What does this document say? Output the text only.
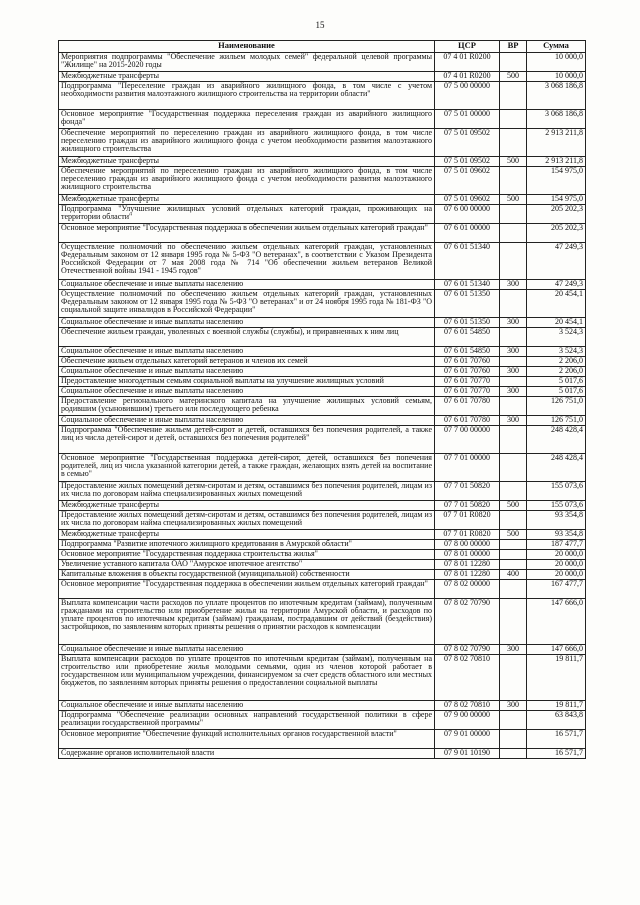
15
Наименование	ЦСР	ВР	Сумма
Мероприятия подпрограммы "Обеспечение жильем молодых семей" федеральной целевой программы "Жилище" на 2015-2020 годы	07 4 01 R0200		10 000,0
Межбюджетные трансферты	07 4 01 R0200	500	10 000,0
Подпрограмма "Переселение граждан из аварийного жилищного фонда, в том числе с учетом необходимости развития малоэтажного жилищного строительства на территории области"	07 5 00 00000		3 068 186,8
Основное мероприятие "Государственная поддержка переселения граждан из аварийного жилищного фонда"	07 5 01 00000		3 068 186,8
Обеспечение мероприятий по переселению граждан из аварийного жилищного фонда, в том числе переселению граждан из аварийного жилищного фонда с учетом необходимости развития малоэтажного жилищного строительства	07 5 01 09502		2 913 211,8
Межбюджетные трансферты	07 5 01 09502	500	2 913 211,8
Обеспечение мероприятий по переселению граждан из аварийного жилищного фонда, в том числе переселению граждан из аварийного жилищного фонда с учетом необходимости развития малоэтажного жилищного строительства	07 5 01 09602		154 975,0
Межбюджетные трансферты	07 5 01 09602	500	154 975,0
Подпрограмма "Улучшение жилищных условий отдельных категорий граждан, проживающих на территории области"	07 6 00 00000		205 202,3
Основное мероприятие "Государственная поддержка в обеспечении жильем отдельных категорий граждан"	07 6 01 00000		205 202,3
Осуществление полномочий по обеспечению жильем отдельных категорий граждан, установленных Федеральным законом от 12 января 1995 года № 5-ФЗ "О ветеранах", в соответствии с Указом Президента Российской Федерации от 7 мая 2008 года № 714 "Об обеспечении жильем ветеранов Великой Отечественной войны 1941 - 1945 годов"	07 6 01 51340		47 249,3
Социальное обеспечение и иные выплаты населению	07 6 01 51340	300	47 249,3
Осуществление полномочий по обеспечению жильем отдельных категорий граждан, установленных Федеральным законом от 12 января 1995 года № 5-ФЗ "О ветеранах" и от 24 ноября 1995 года № 181-ФЗ "О социальной защите инвалидов в Российской Федерации"	07 6 01 51350		20 454,1
Социальное обеспечение и иные выплаты населению	07 6 01 51350	300	20 454,1
Обеспечение жильем граждан, уволенных с военной службы (службы), и приравненных к ним лиц	07 6 01 54850		3 524,3
Социальное обеспечение и иные выплаты населению	07 6 01 54850	300	3 524,3
Обеспечение жильем отдельных категорий ветеранов и членов их семей	07 6 01 70760		2 206,0
Социальное обеспечение и иные выплаты населению	07 6 01 70760	300	2 206,0
Предоставление многодетным семьям социальной выплаты на улучшение жилищных условий	07 6 01 70770		5 017,6
Социальное обеспечение и иные выплаты населению	07 6 01 70770	300	5 017,6
Предоставление регионального материнского капитала на улучшение жилищных условий семьям, родившим (усыновившим) третьего или последующего ребенка	07 6 01 70780		126 751,0
Социальное обеспечение и иные выплаты населению	07 6 01 70780	300	126 751,0
Подпрограмма "Обеспечение жильем детей-сирот и детей, оставшихся без попечения родителей, а также лиц из числа детей-сирот и детей, оставшихся без попечения родителей"	07 7 00 00000		248 428,4
Основное мероприятие "Государственная поддержка детей-сирот, детей, оставшихся без попечения родителей, лиц из числа указанной категории детей, а также граждан, желающих взять детей на воспитание в семью"	07 7 01 00000		248 428,4
Предоставление жилых помещений детям-сиротам и детям, оставшимся без попечения родителей, лицам из их числа по договорам найма специализированных жилых помещений	07 7 01 50820		155 073,6
Межбюджетные трансферты	07 7 01 50820	500	155 073,6
Предоставление жилых помещений детям-сиротам и детям, оставшимся без попечения родителей, лицам из их числа по договорам найма специализированных жилых помещений	07 7 01 R0820		93 354,8
Межбюджетные трансферты	07 7 01 R0820	500	93 354,8
Подпрограмма "Развитие ипотечного жилищного кредитования в Амурской области"	07 8 00 00000		187 477,7
Основное мероприятие "Государственная поддержка строительства жилья"	07 8 01 00000		20 000,0
Увеличение уставного капитала ОАО "Амурское ипотечное агентство"	07 8 01 12280		20 000,0
Капитальные вложения в объекты государственной (муниципальной) собственности	07 8 01 12280	400	20 000,0
Основное мероприятие "Государственная поддержка в обеспечении жильем отдельных категорий граждан"	07 8 02 00000		167 477,7
Выплата компенсации части расходов по уплате процентов по ипотечным кредитам (займам), полученным гражданами на строительство или приобретение жилья на территории Амурской области, и расходов по уплате процентов по ипотечным кредитам (займам) гражданам, пострадавшим от действий (бездействия) застройщиков, по заявлениям которых приняты решения о принятии расходов к компенсации	07 8 02 70790		147 666,0
Социальное обеспечение и иные выплаты населению	07 8 02 70790	300	147 666,0
Выплата компенсации расходов по уплате процентов по ипотечным кредитам (займам), полученным на строительство или приобретение жилья молодыми семьями, один из членов которой работает в государственном или муниципальном учреждении, финансируемом за счет средств областного или местных бюджетов, по заявлениям которых приняты решения о предоставлении социальной выплаты	07 8 02 70810		19 811,7
Социальное обеспечение и иные выплаты населению	07 8 02 70810	300	19 811,7
Подпрограмма "Обеспечение реализации основных направлений государственной политики в сфере реализации государственной программы"	07 9 00 00000		63 843,8
Основное мероприятие "Обеспечение функций исполнительных органов государственной власти"	07 9 01 00000		16 571,7
Содержание органов исполнительной власти	07 9 01 10190		16 571,7
